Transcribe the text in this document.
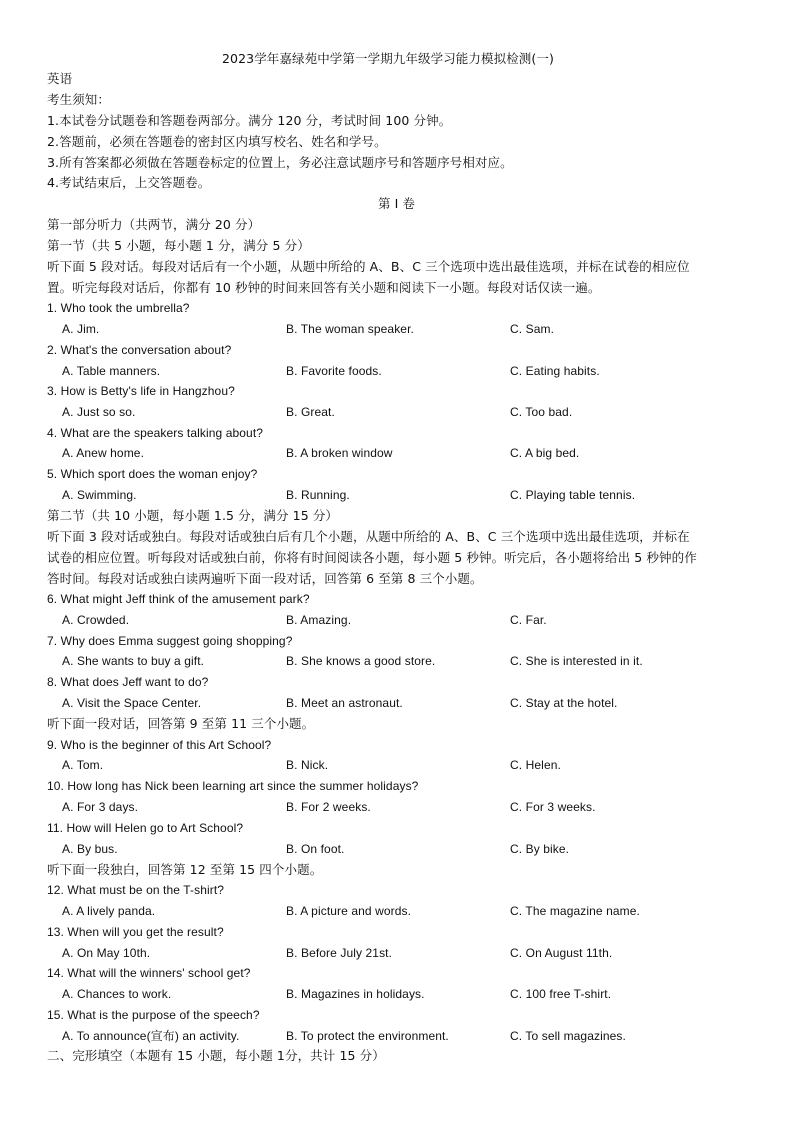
2023学年嘉绿苑中学第一学期九年级学习能力模拟检测(一)
英语
考生须知：
1.本试卷分试题卷和答题卷两部分。满分 120 分，考试时间 100 分钟。
2.答题前，必须在答题卷的密封区内填写校名、姓名和学号。
3.所有答案都必须做在答题卷标定的位置上，务必注意试题序号和答题序号相对应。
4.考试结束后，上交答题卷。
第 I 卷
第一部分听力（共两节，满分 20 分）
第一节（共 5 小题，每小题 1 分，满分 5 分）
听下面 5 段对话。每段对话后有一个小题，从题中所给的 A、B、C 三个选项中选出最佳选项，并标在试卷的相应位
置。听完每段对话后，你都有 10 秒钟的时间来回答有关小题和阅读下一小题。每段对话仅读一遍。
1. Who took the umbrella?
A. Jim.	B. The woman speaker.	C. Sam.
2. What's the conversation about?
A. Table manners.	B. Favorite foods.	C. Eating habits.
3. How is Betty's life in Hangzhou?
A. Just so so.	B. Great.	C. Too bad.
4. What are the speakers talking about?
A. Anew home.	B. A broken window	C. A big bed.
5. Which sport does the woman enjoy?
A. Swimming.	B. Running.	C. Playing table tennis.
第二节（共 10 小题，每小题 1.5 分，满分 15 分）
听下面 3 段对话或独白。每段对话或独白后有几个小题，从题中所给的 A、B、C 三个选项中选出最佳选项，并标在
试卷的相应位置。听每段对话或独白前，你将有时间阅读各小题，每小题 5 秒钟。听完后，各小题将给出 5 秒钟的作
答时间。每段对话或独白读两遍听下面一段对话，回答第 6 至第 8 三个小题。
6. What might Jeff think of the amusement park?
A. Crowded.	B. Amazing.	C. Far.
7. Why does Emma suggest going shopping?
A. She wants to buy a gift.	B. She knows a good store.	C. She is interested in it.
8. What does Jeff want to do?
A. Visit the Space Center.	B. Meet an astronaut.	C. Stay at the hotel.
听下面一段对话，回答第 9 至第 11 三个小题。
9. Who is the beginner of this Art School?
A. Tom.	B. Nick.	C. Helen.
10. How long has Nick been learning art since the summer holidays?
A. For 3 days.	B. For 2 weeks.	C. For 3 weeks.
11. How will Helen go to Art School?
A. By bus.	B. On foot.	C. By bike.
听下面一段独白，回答第 12 至第 15 四个小题。
12. What must be on the T-shirt?
A. A lively panda.	B. A picture and words.	C. The magazine name.
13. When will you get the result?
A. On May 10th.	B. Before July 21st.	C. On August 11th.
14. What will the winners' school get?
A. Chances to work.	B. Magazines in holidays.	C. 100 free T-shirt.
15. What is the purpose of the speech?
A. To announce(宣布) an activity.	B. To protect the environment.	C. To sell magazines.
二、完形填空（本题有 15 小题，每小题 1分，共计 15 分）
